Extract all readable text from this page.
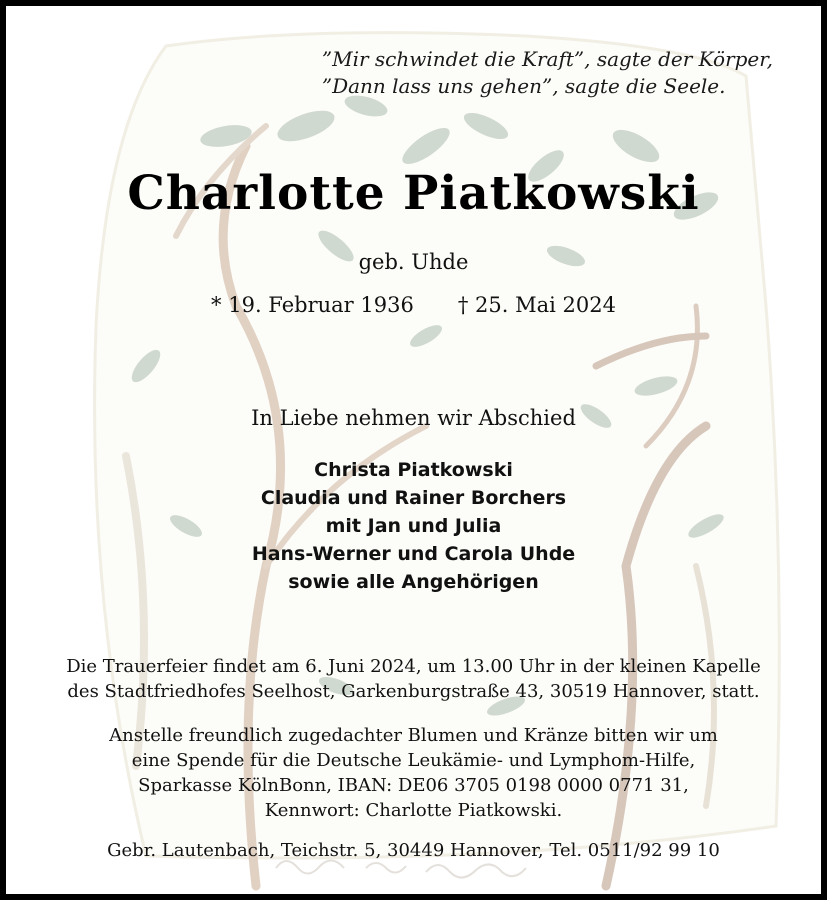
”Mir schwindet die Kraft”, sagte der Körper,
”Dann lass uns gehen”, sagte die Seele.
Charlotte Piatkowski
geb. Uhde
* 19. Februar 1936 † 25. Mai 2024
In Liebe nehmen wir Abschied
Christa Piatkowski
Claudia und Rainer Borchers
mit Jan und Julia
Hans-Werner und Carola Uhde
sowie alle Angehörigen
Die Trauerfeier findet am 6. Juni 2024, um 13.00 Uhr in der kleinen Kapelle
des Stadtfriedhofes Seelhost, Garkenburgstraße 43, 30519 Hannover, statt.
Anstelle freundlich zugedachter Blumen und Kränze bitten wir um
eine Spende für die Deutsche Leukämie- und Lymphom-Hilfe,
Sparkasse KölnBonn, IBAN: DE06 3705 0198 0000 0771 31,
Kennwort: Charlotte Piatkowski.
Gebr. Lautenbach, Teichstr. 5, 30449 Hannover, Tel. 0511/92 99 10
